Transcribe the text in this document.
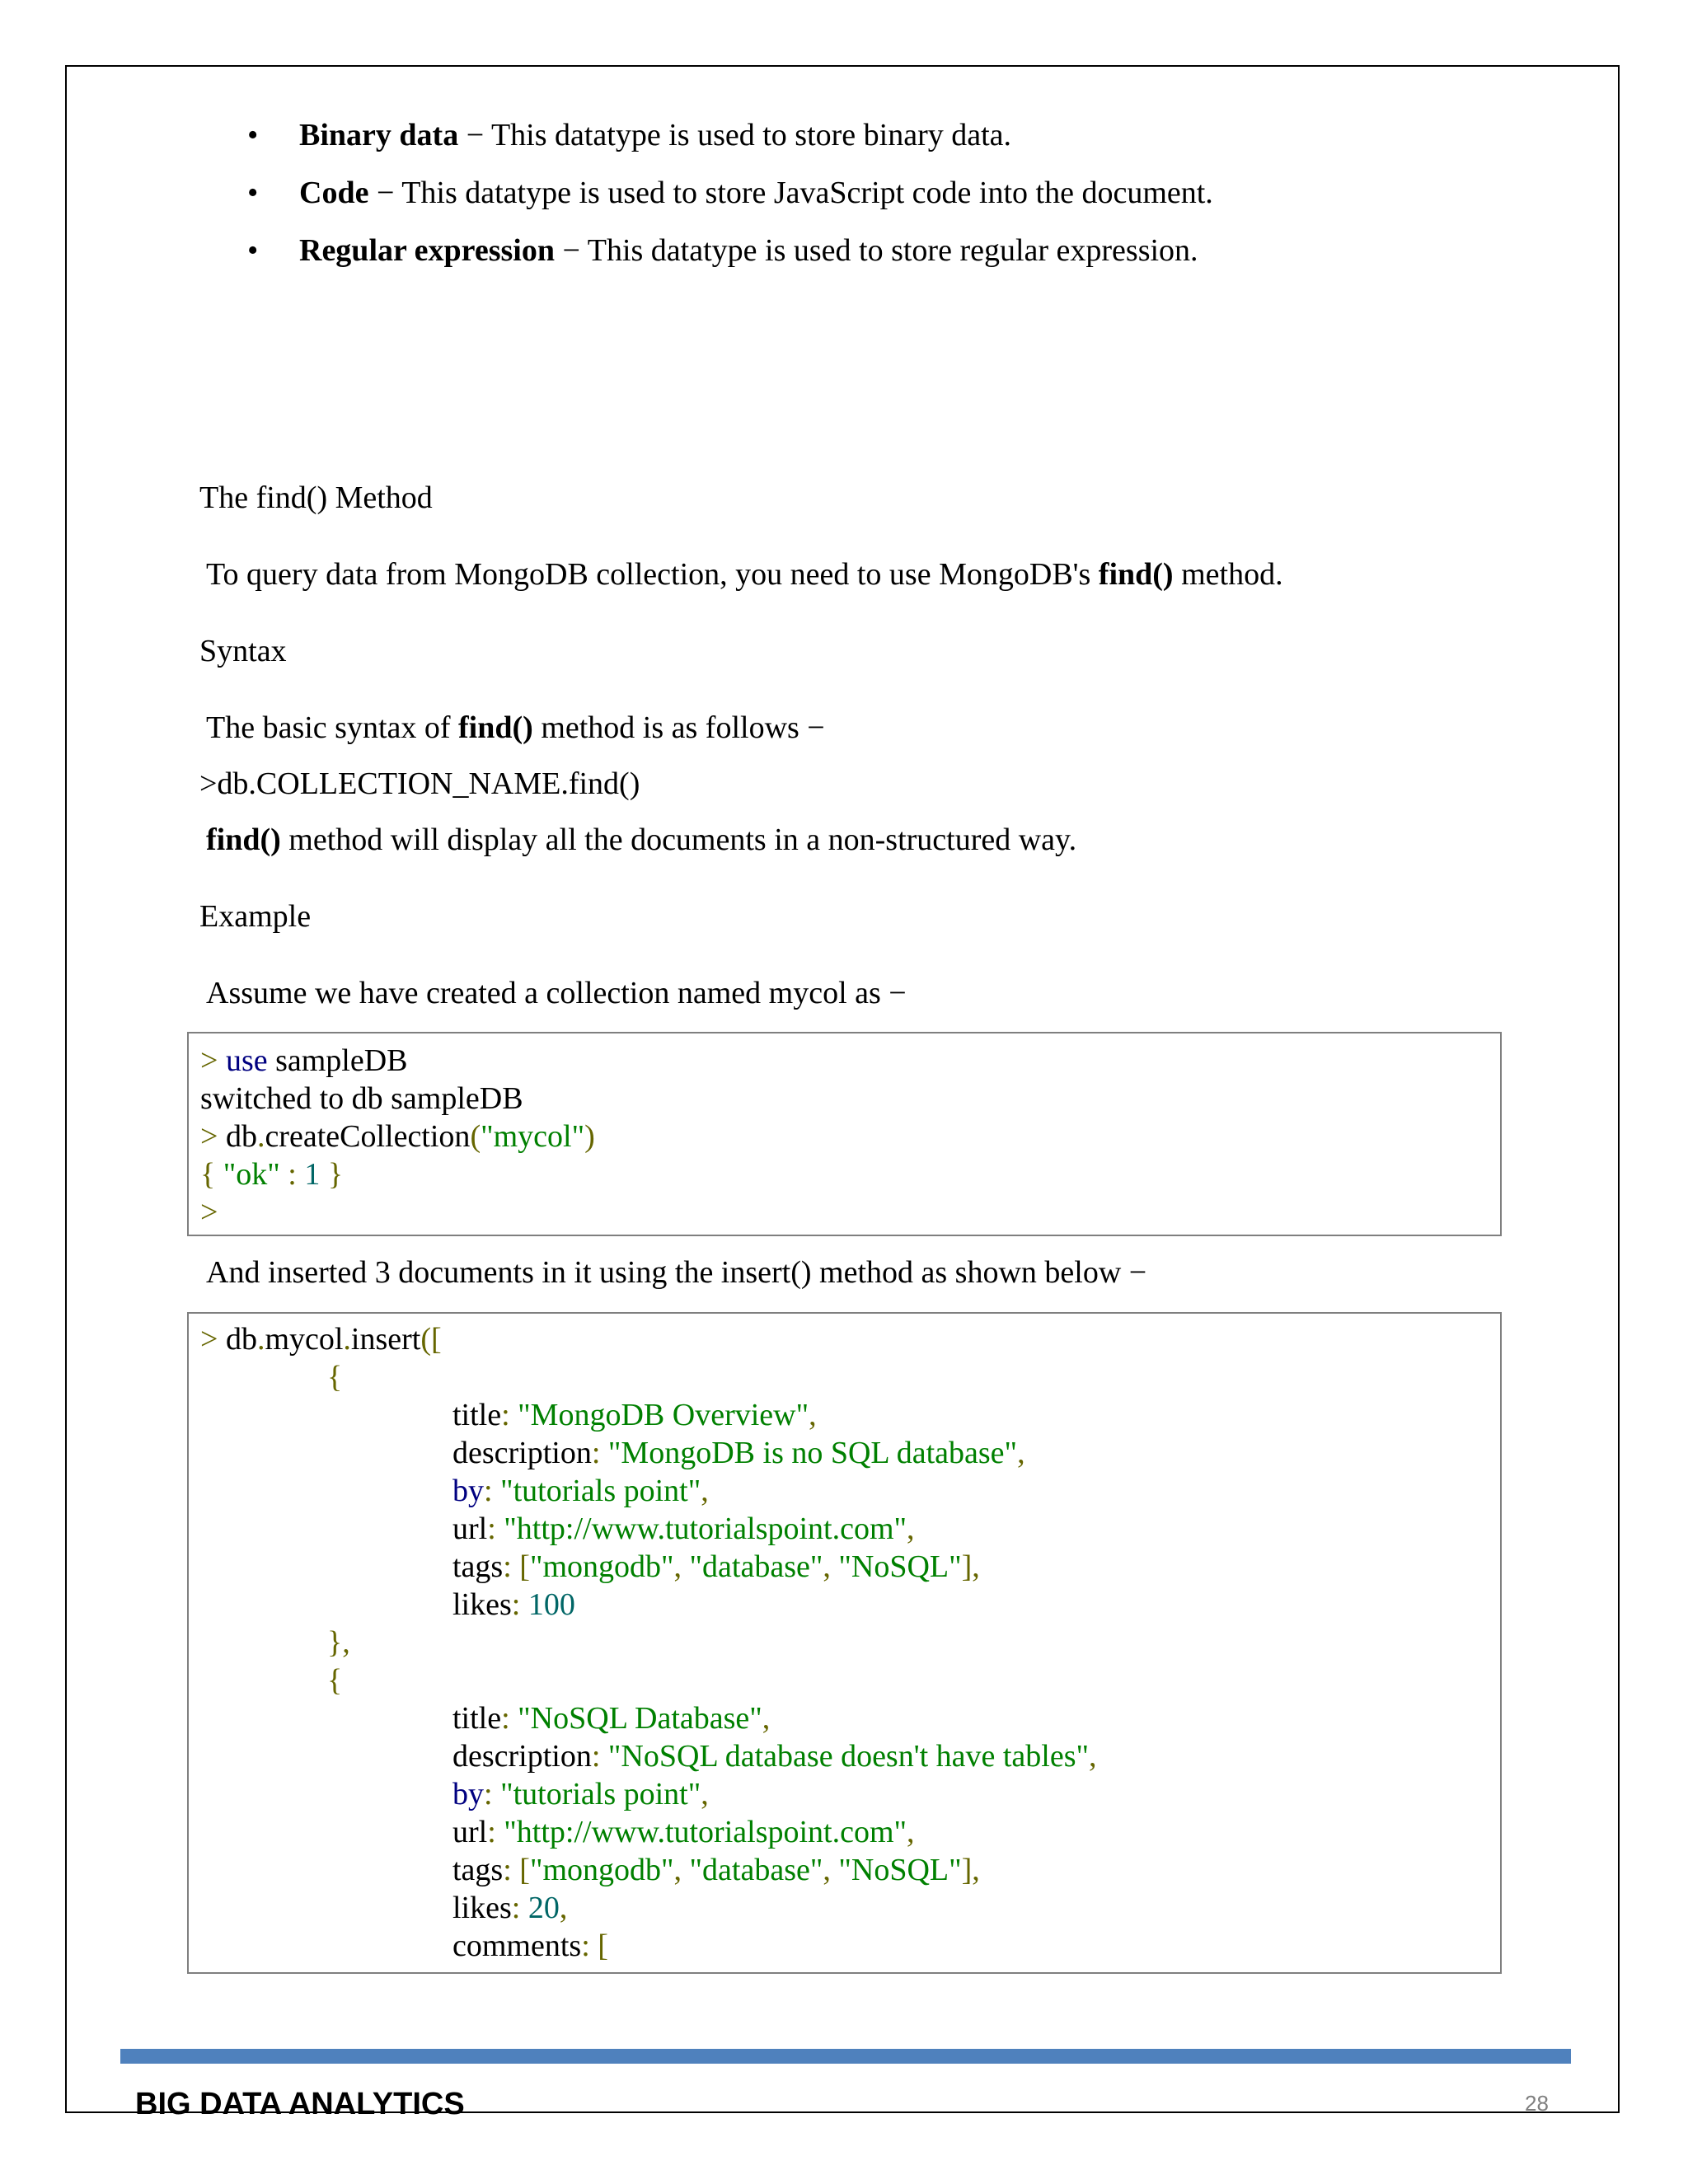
• Binary data − This datatype is used to store binary data.
• Code − This datatype is used to store JavaScript code into the document.
• Regular expression − This datatype is used to store regular expression.
The find() Method
To query data from MongoDB collection, you need to use MongoDB's find() method.
Syntax
The basic syntax of find() method is as follows −
>db.COLLECTION_NAME.find()
find() method will display all the documents in a non-structured way.
Example
Assume we have created a collection named mycol as −
> use sampleDB
switched to db sampleDB
> db.createCollection("mycol")
{ "ok" : 1 }
>
And inserted 3 documents in it using the insert() method as shown below −
> db.mycol.insert([
{
title: "MongoDB Overview",
description: "MongoDB is no SQL database",
by: "tutorials point",
url: "http://www.tutorialspoint.com",
tags: ["mongodb", "database", "NoSQL"],
likes: 100
},
{
title: "NoSQL Database",
description: "NoSQL database doesn't have tables",
by: "tutorials point",
url: "http://www.tutorialspoint.com",
tags: ["mongodb", "database", "NoSQL"],
likes: 20,
comments: [
BIG DATA ANALYTICS	28
